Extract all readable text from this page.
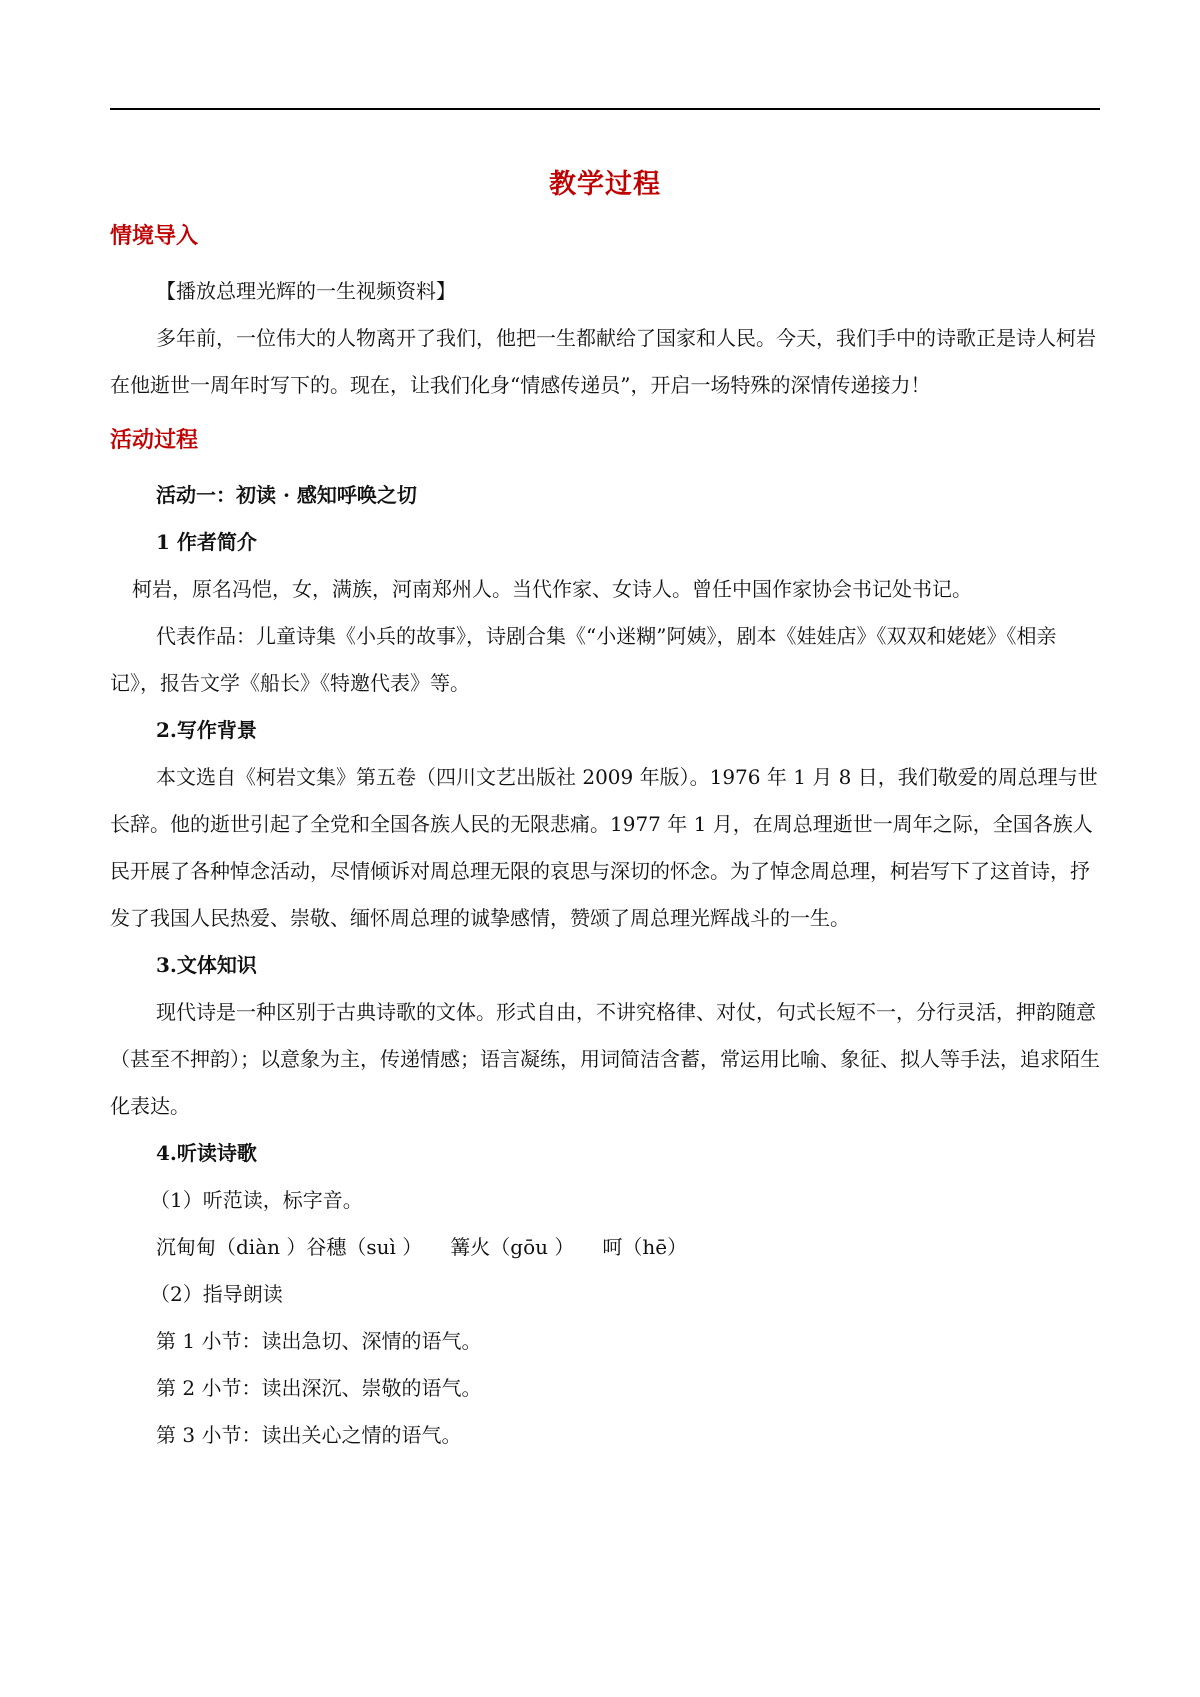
教学过程
情境导入

【播放总理光辉的一生视频资料】

多年前，一位伟大的人物离开了我们，他把一生都献给了国家和人民。今天，我们手中的诗歌正是诗人柯岩在他逝世一周年时写下的。现在，让我们化身“情感传递员”，开启一场特殊的深情传递接力！

活动过程

活动一：初读 · 感知呼唤之切

1 作者简介

柯岩，原名冯恺，女，满族，河南郑州人。当代作家、女诗人。曾任中国作家协会书记处书记。

代表作品：儿童诗集《小兵的故事》，诗剧合集《“小迷糊”阿姨》，剧本《娃娃店》《双双和姥姥》《相亲记》，报告文学《船长》《特邀代表》等。

2.写作背景

本文选自《柯岩文集》第五卷（四川文艺出版社 2009 年版）。1976 年 1 月 8 日，我们敬爱的周总理与世长辞。他的逝世引起了全党和全国各族人民的无限悲痛。1977 年 1 月，在周总理逝世一周年之际，全国各族人民开展了各种悼念活动，尽情倾诉对周总理无限的哀思与深切的怀念。为了悼念周总理，柯岩写下了这首诗，抒发了我国人民热爱、崇敬、缅怀周总理的诚挚感情，赞颂了周总理光辉战斗的一生。

3.文体知识

现代诗是一种区别于古典诗歌的文体。形式自由，不讲究格律、对仗，句式长短不一，分行灵活，押韵随意（甚至不押韵）；以意象为主，传递情感；语言凝练，用词简洁含蓄，常运用比喻、象征、拟人等手法，追求陌生化表达。

4.听读诗歌

（1）听范读，标字音。

沉甸甸（diàn ）谷穗（suì ） 篝火（gōu ） 呵（hē）

（2）指导朗读

第 1 小节：读出急切、深情的语气。

第 2 小节：读出深沉、崇敬的语气。

第 3 小节：读出关心之情的语气。
